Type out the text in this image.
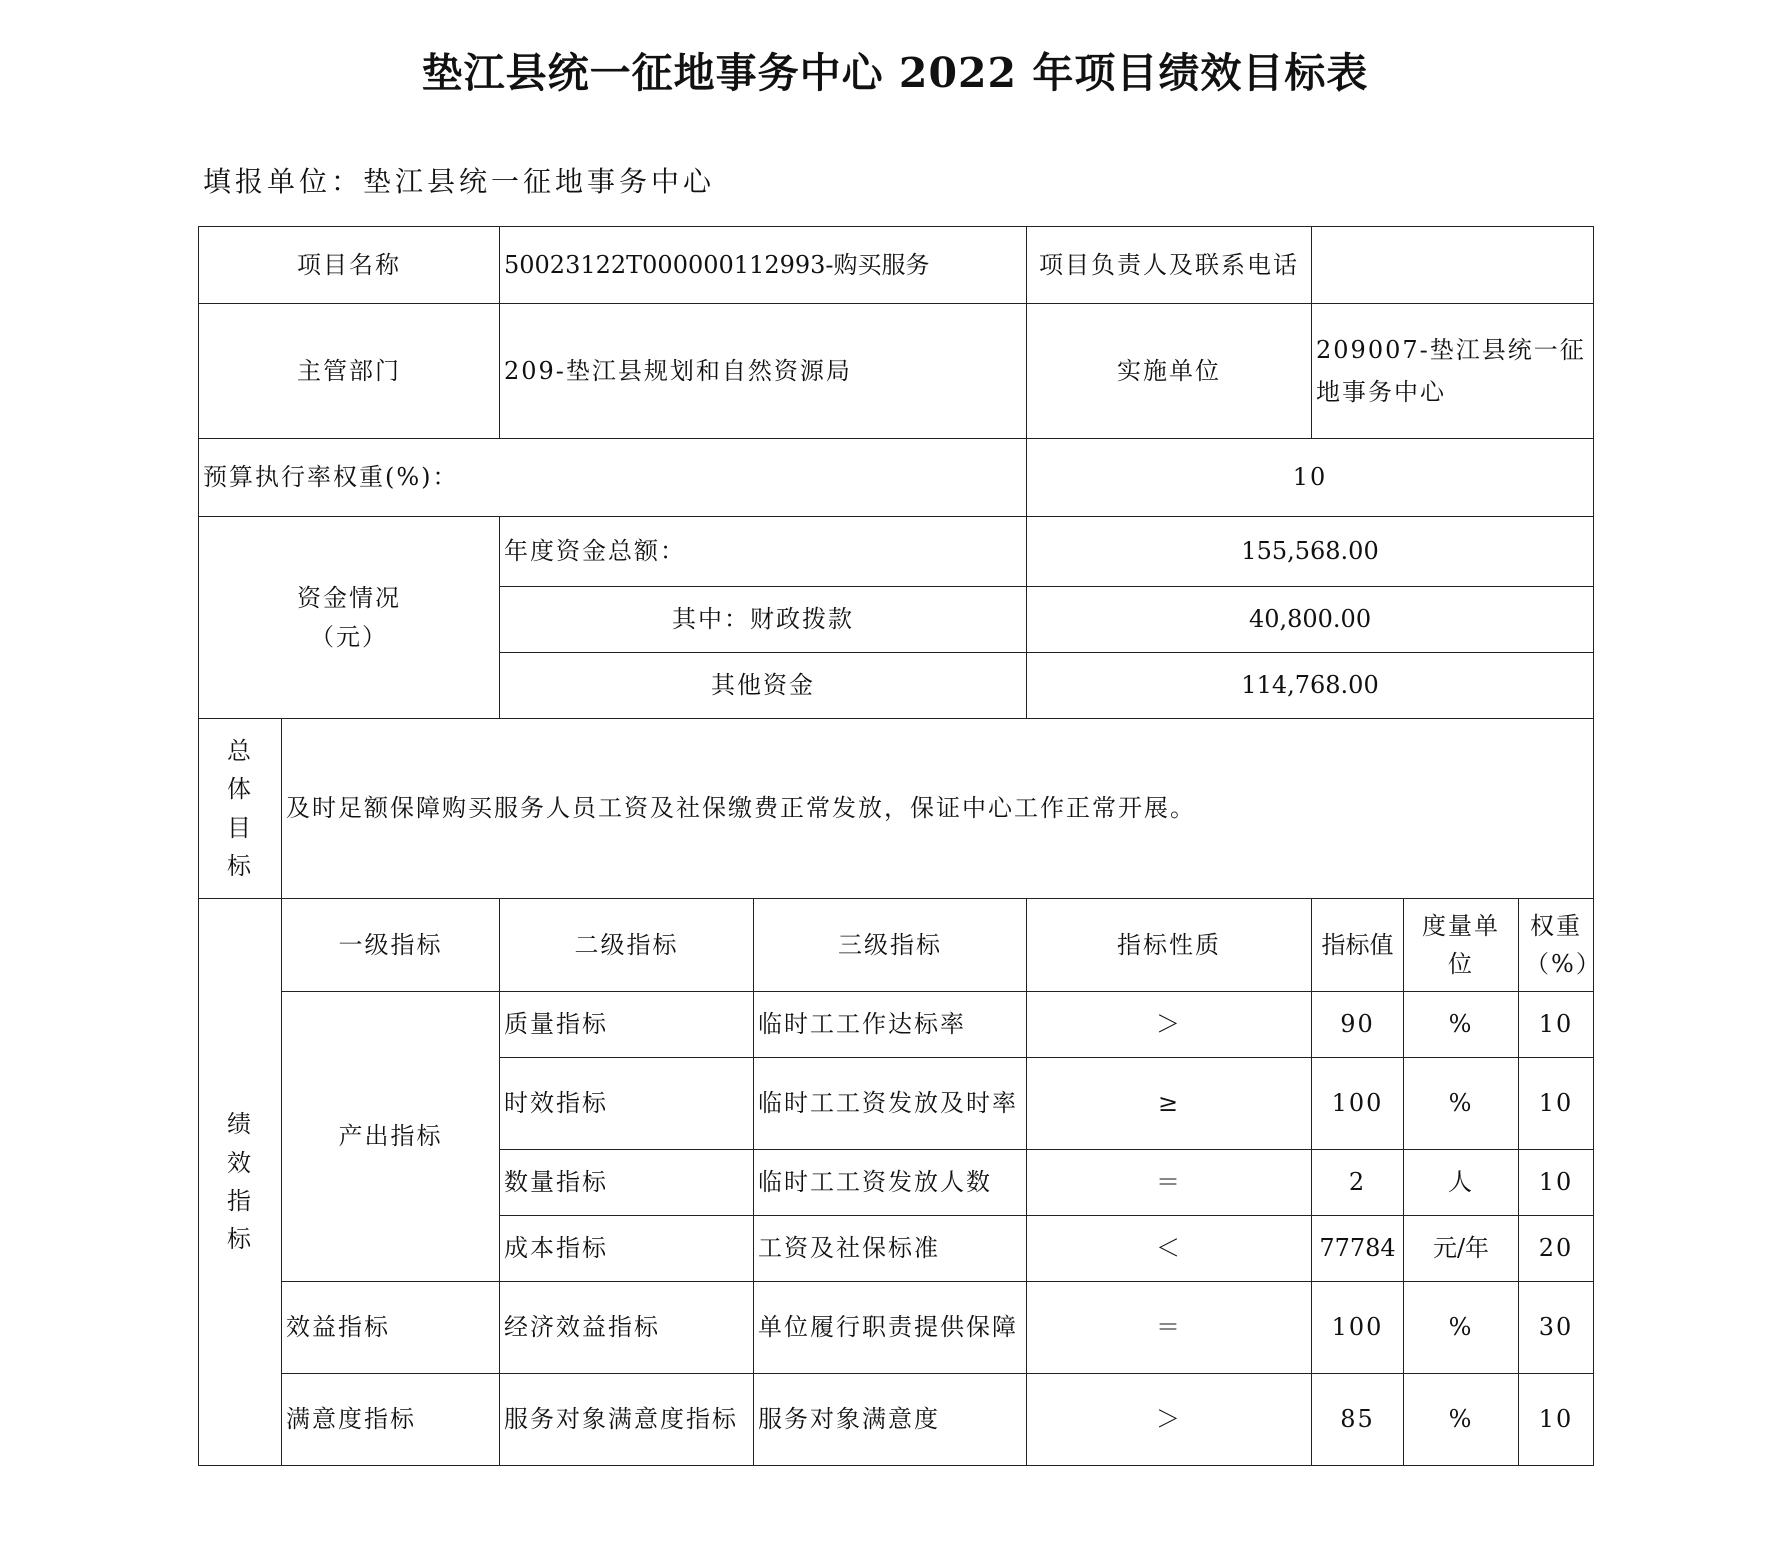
垫江县统一征地事务中心 2022 年项目绩效目标表
填报单位：垫江县统一征地事务中心
项目名称		50023122T000000112993-购买服务		项目负责人及联系电话			
主管部门		209-垫江县规划和自然资源局		实施单位	209007-垫江县统一征地事务中心		
预算执行率权重(%)：				10			

资金情况
（元）		年度资金总额：		155,568.00			
		其中：财政拨款		40,800.00			
		其他资金		114,768.00			

总
体
目
标	及时足额保障购买服务人员工资及社保缴费正常发放，保证中心工作正常开展。						

绩
效
指
标	一级指标	二级指标	三级指标	指标性质	指标值	度量单位	权重（%）
	产出指标	质量指标	临时工工作达标率	＞	90	%	10
		时效指标	临时工工资发放及时率	≥	100	%	10
		数量指标	临时工工资发放人数	＝	2	人	10
		成本指标	工资及社保标准	＜	77784	元/年	20
	效益指标	经济效益指标	单位履行职责提供保障	＝	100	%	30
	满意度指标	服务对象满意度指标	服务对象满意度	＞	85	%	10
